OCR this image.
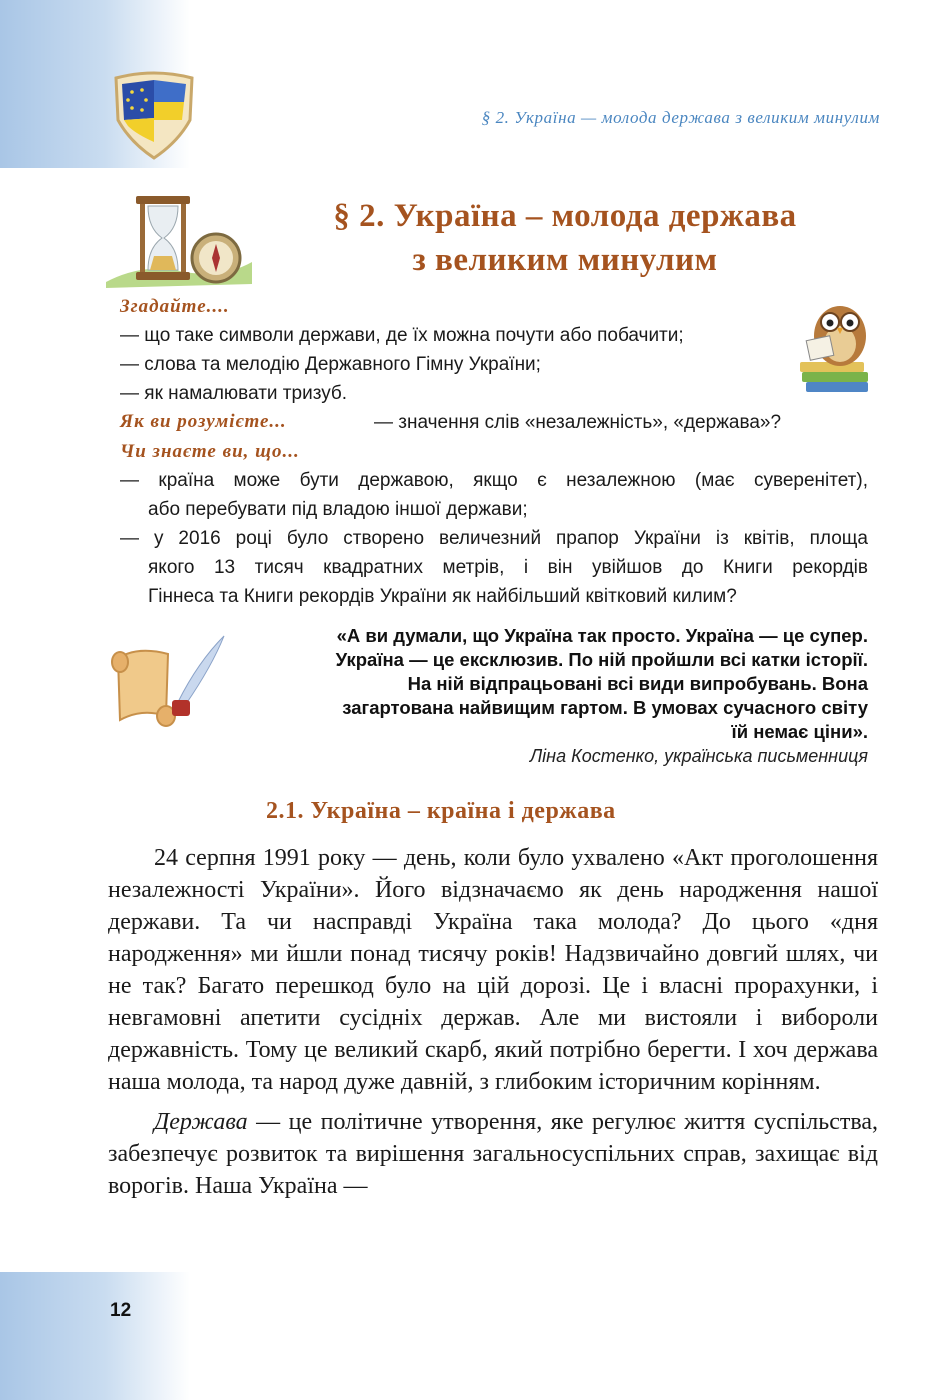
§ 2. Україна — молода держава з великим минулим
§ 2. Україна – молода держава
з великим минулим
Згадайте....
— що таке символи держави, де їх можна почути або побачити;
— слова та мелодію Державного Гімну України;
— як намалювати тризуб.
Як ви розумієте...	— значення слів «незалежність», «держава»?
Чи знаєте ви, що...
— країна може бути державою, якщо є незалежною (має суверенітет),
або перебувати під владою іншої держави;
— у 2016 році було створено величезний прапор України із квітів, площа
якого 13 тисяч квадратних метрів, і він увійшов до Книги рекордів
Гіннеса та Книги рекордів України як найбільший квітковий килим?
«А ви думали, що Україна так просто. Україна — це супер.
Україна — це ексклюзив. По ній пройшли всі катки історії.
На ній відпрацьовані всі види випробувань. Вона
загартована найвищим гартом. В умовах сучасного світу
їй немає ціни».
Ліна Костенко, українська письменниця
2.1. Україна – країна і держава

24 серпня 1991 року — день, коли було ухвалено «Акт проголошення незалежності України». Його відзначаємо як день народження нашої держави. Та чи насправді Україна така молода? До цього «дня народження» ми йшли понад тисячу років! Надзвичайно довгий шлях, чи не так? Багато перешкод було на цій дорозі. Це і власні прорахунки, і невгамовні апетити сусідніх держав. Але ми вистояли і вибороли державність. Тому це великий скарб, який потрібно берегти. І хоч держава наша молода, та народ дуже давній, з глибоким історичним корінням.

Держава — це політичне утворення, яке регулює життя суспільства, забезпечує розвиток та вирішення загальносуспільних справ, захищає від ворогів. Наша Україна —

12
